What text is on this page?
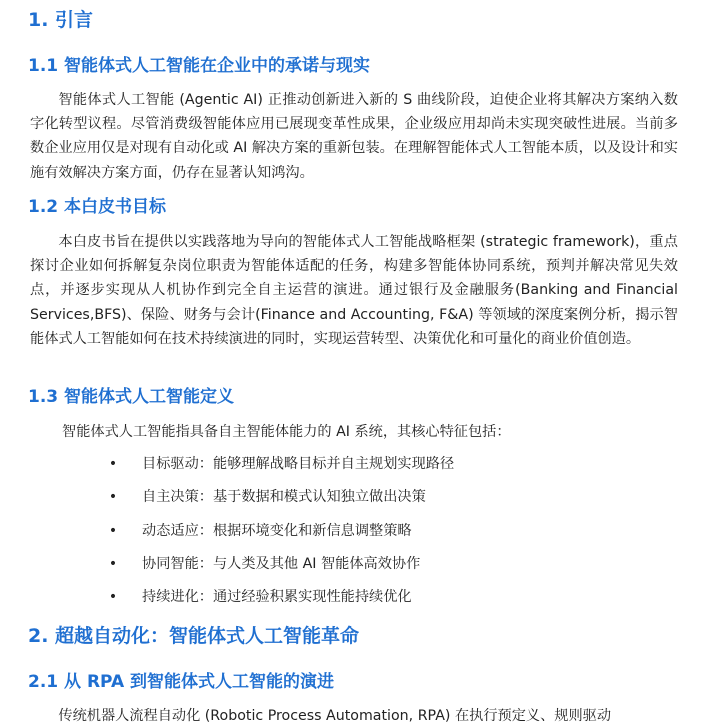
1. 引言
1.1 智能体式人工智能在企业中的承诺与现实

智能体式人工智能 (Agentic AI) 正推动创新进入新的 S 曲线阶段，迫使企业将其解决方案纳入数字化转型议程。尽管消费级智能体应用已展现变革性成果，企业级应用却尚未实现突破性进展。当前多数企业应用仅是对现有自动化或 AI 解决方案的重新包装。在理解智能体式人工智能本质，以及设计和实施有效解决方案方面，仍存在显著认知鸿沟。

1.2 本白皮书目标

本白皮书旨在提供以实践落地为导向的智能体式人工智能战略框架 (strategic framework)，重点探讨企业如何拆解复杂岗位职责为智能体适配的任务，构建多智能体协同系统，预判并解决常见失效点，并逐步实现从人机协作到完全自主运营的演进。通过银行及金融服务(Banking and Financial Services,BFS)、保险、财务与会计(Finance and Accounting, F&A) 等领域的深度案例分析，揭示智能体式人工智能如何在技术持续演进的同时，实现运营转型、决策优化和可量化的商业价值创造。

1.3 智能体式人工智能定义

智能体式人工智能指具备自主智能体能力的 AI 系统，其核心特征包括：

• 目标驱动：能够理解战略目标并自主规划实现路径
• 自主决策：基于数据和模式认知独立做出决策
• 动态适应：根据环境变化和新信息调整策略
• 协同智能：与人类及其他 AI 智能体高效协作
• 持续进化：通过经验积累实现性能持续优化
2. 超越自动化：智能体式人工智能革命
2.1 从 RPA 到智能体式人工智能的演进

传统机器人流程自动化 (Robotic Process Automation, RPA) 在执行预定义、规则驱动
